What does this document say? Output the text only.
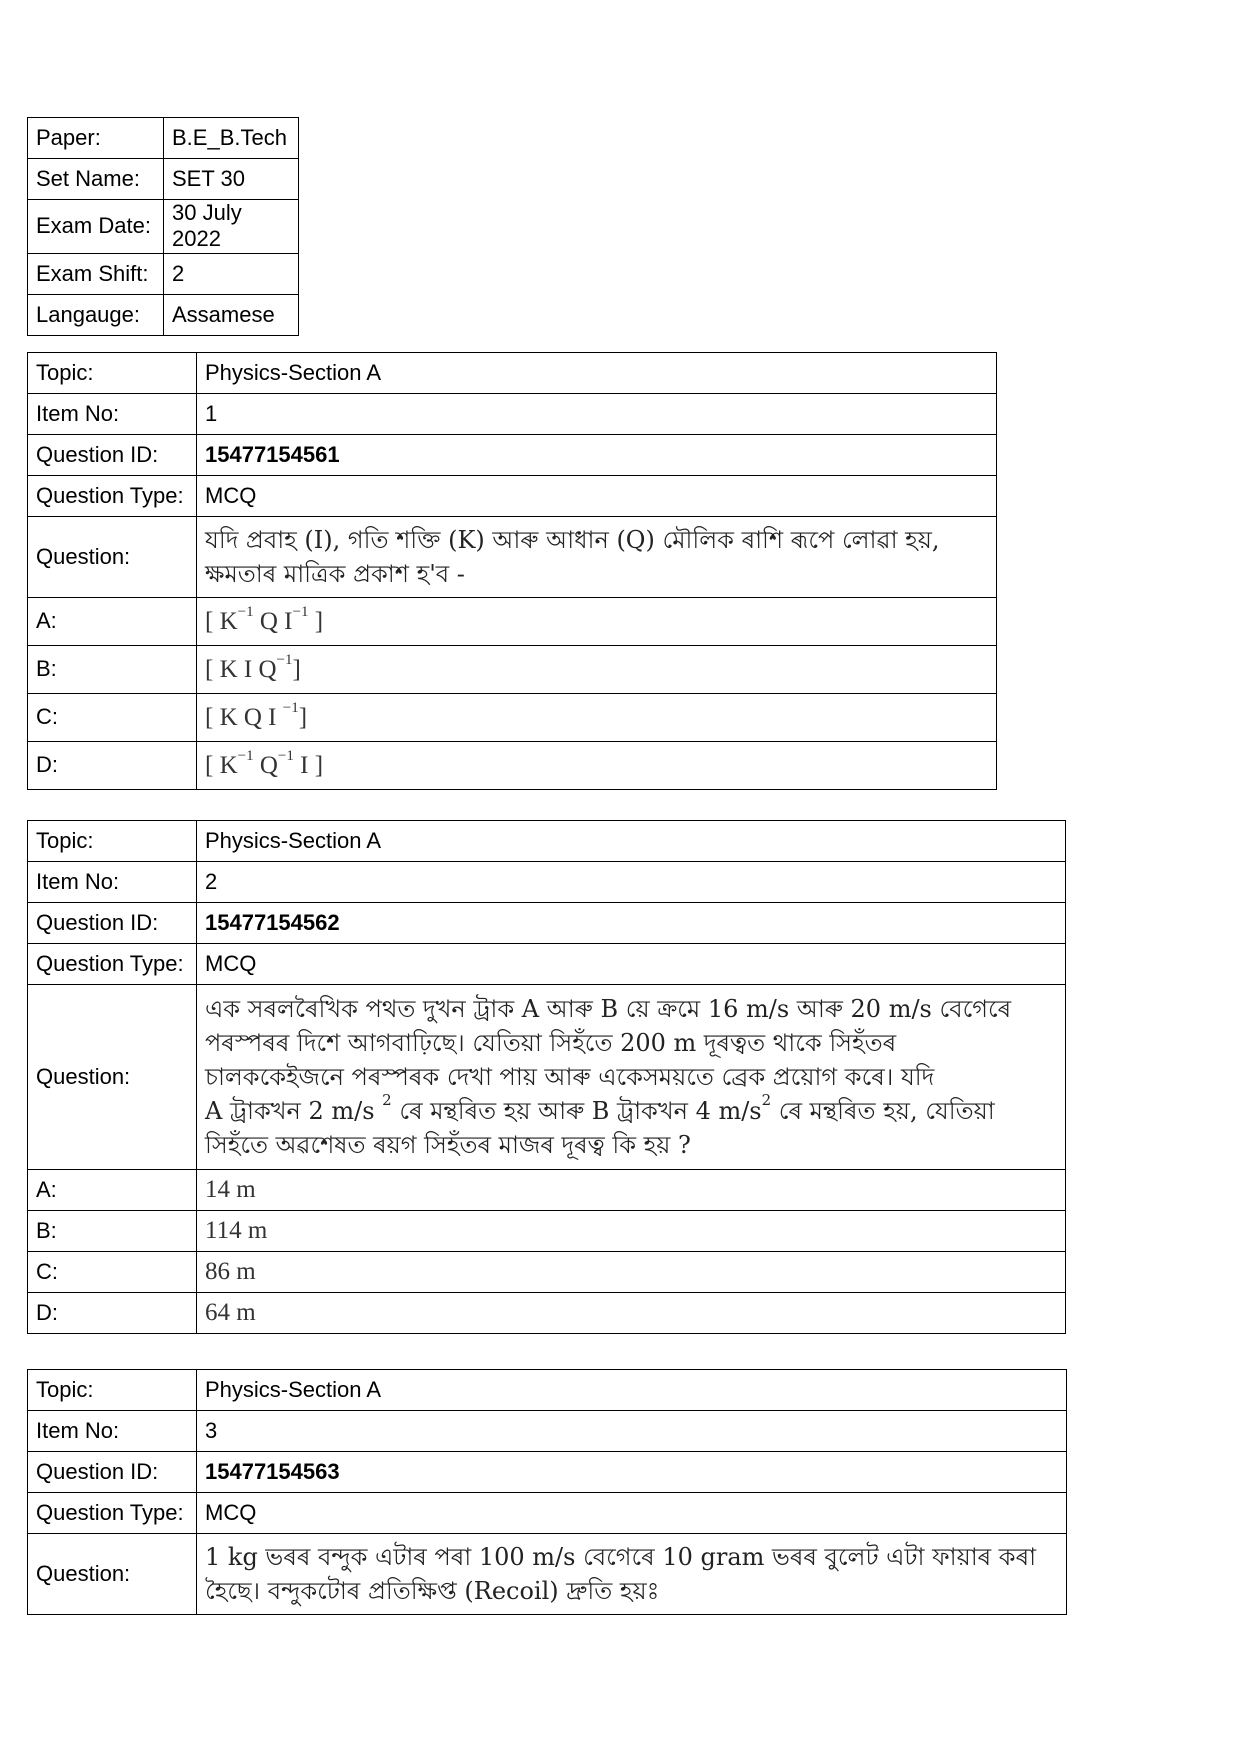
Paper:	B.E_B.Tech
Set Name:	SET 30
Exam Date:	30 July 2022
Exam Shift:	2
Langauge:	Assamese
Topic:	Physics-Section A
Item No:	1
Question ID:	15477154561
Question Type:	MCQ
Question:	যদি প্ৰবাহ (I), গতি শক্তি (K) আৰু আধান (Q) মৌলিক ৰাশি ৰূপে লোৱা হয়,
ক্ষমতাৰ মাত্ৰিক প্ৰকাশ হ'ব -

A:	[ $K^{-1}$ Q $I^{-1}$ ]
B:	[ K I $Q^{-1}$]
C:	[ K Q I $^{-1}$]
D:	[ $K^{-1}$ $Q^{-1}$ I ]
Topic:	Physics-Section A
Item No:	2
Question ID:	15477154562
Question Type:	MCQ
Question:	এক সৰলৰৈখিক পথত দুখন ট্ৰাক A আৰু B য়ে ক্ৰমে 16 m/s আৰু 20 m/s বেগেৰে
পৰস্পৰৰ দিশে আগবাঢ়িছে। যেতিয়া সিহঁতে 200 m দূৰত্বত থাকে সিহঁতৰ
চালককেইজনে পৰস্পৰক দেখা পায় আৰু একেসময়তে ব্ৰেক প্ৰয়োগ কৰে। যদি
A ট্ৰাকখন 2 m/s $^2$ ৰে মন্থৰিত হয় আৰু B ট্ৰাকখন 4 $m/s^2$ ৰে মন্থৰিত হয়, যেতিয়া
সিহঁতে অৱশেষত ৰয়গ সিহঁতৰ মাজৰ দূৰত্ব কি হয় ?

A:	14 m
B:	114 m
C:	86 m
D:	64 m
Topic:	Physics-Section A
Item No:	3
Question ID:	15477154563
Question Type:	MCQ
Question:	1 kg ভৰৰ বন্দুক এটাৰ পৰা 100 m/s বেগেৰে 10 gram ভৰৰ বুলেট এটা ফায়াৰ কৰা
হৈছে। বন্দুকটোৰ প্ৰতিক্ষিপ্ত (Recoil) দ্ৰুতি হয়ঃ
